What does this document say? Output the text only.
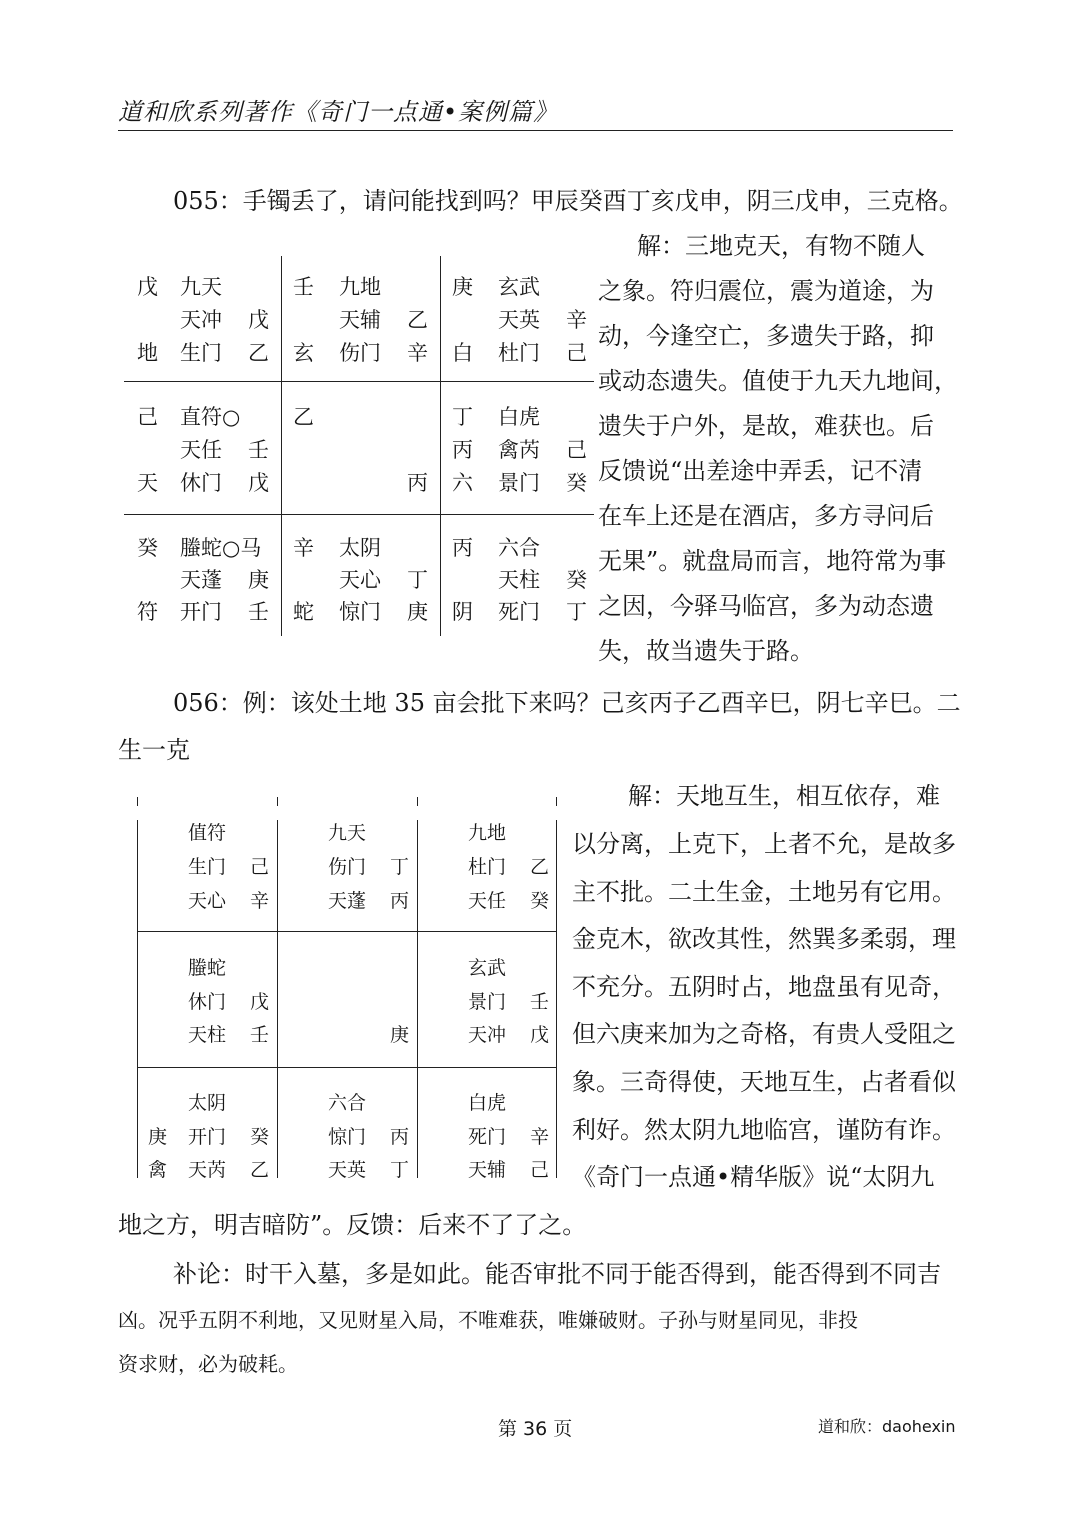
道和欣系列著作《奇门一点通•案例篇》
055：手镯丢了，请问能找到吗？甲辰癸酉丁亥戊申，阴三戊申，三克格。
解：三地克天，有物不随人
之象。符归震位，震为道途，为
动，今逢空亡，多遗失于路，抑
或动态遗失。值使于九天九地间，
遗失于户外，是故，难获也。后
反馈说“出差途中弄丢，记不清
在车上还是在酒店，多方寻问后
无果”。就盘局而言，地符常为事
之因，今驿马临宫，多为动态遗
失，故当遗失于路。
戊 九天
天冲 戊
地 生门 乙
壬 九地
天辅 乙
玄 伤门 辛
庚 玄武
天英 辛
白 杜门 己
己 直符○
天任 壬
天 休门 戊
乙
丙
丁 白虎
丙 禽芮 己
六 景门 癸
癸 螣蛇○马
天蓬 庚
符 开门 壬
辛 太阴
天心 丁
蛇 惊门 庚
丙 六合
天柱 癸
阴 死门 丁
056：例：该处土地 35 亩会批下来吗？己亥丙子乙酉辛巳，阴七辛巳。二
生一克
解：天地互生，相互依存，难
以分离，上克下，上者不允，是故多
主不批。二土生金，土地另有它用。
金克木，欲改其性，然巽多柔弱，理
不充分。五阴时占，地盘虽有见奇，
但六庚来加为之奇格，有贵人受阻之
象。三奇得使，天地互生，占者看似
利好。然太阴九地临宫，谨防有诈。
《奇门一点通•精华版》说“太阴九
地之方，明吉暗防”。反馈：后来不了了之。
值符
生门 己
天心 辛
九天
伤门 丁
天蓬 丙
九地
杜门 乙
天任 癸
螣蛇
休门 戊
天柱 壬	庚
玄武
景门 壬
天冲 戊
太阴
庚 开门 癸
禽 天芮 乙
六合
惊门 丙
天英 丁
白虎
死门 辛
天辅 己
补论：时干入墓，多是如此。能否审批不同于能否得到，能否得到不同吉
凶。况乎五阴不利地，又见财星入局，不唯难获，唯嫌破财。子孙与财星同见，非投
资求财，必为破耗。
第 36 页	道和欣：daohexin
